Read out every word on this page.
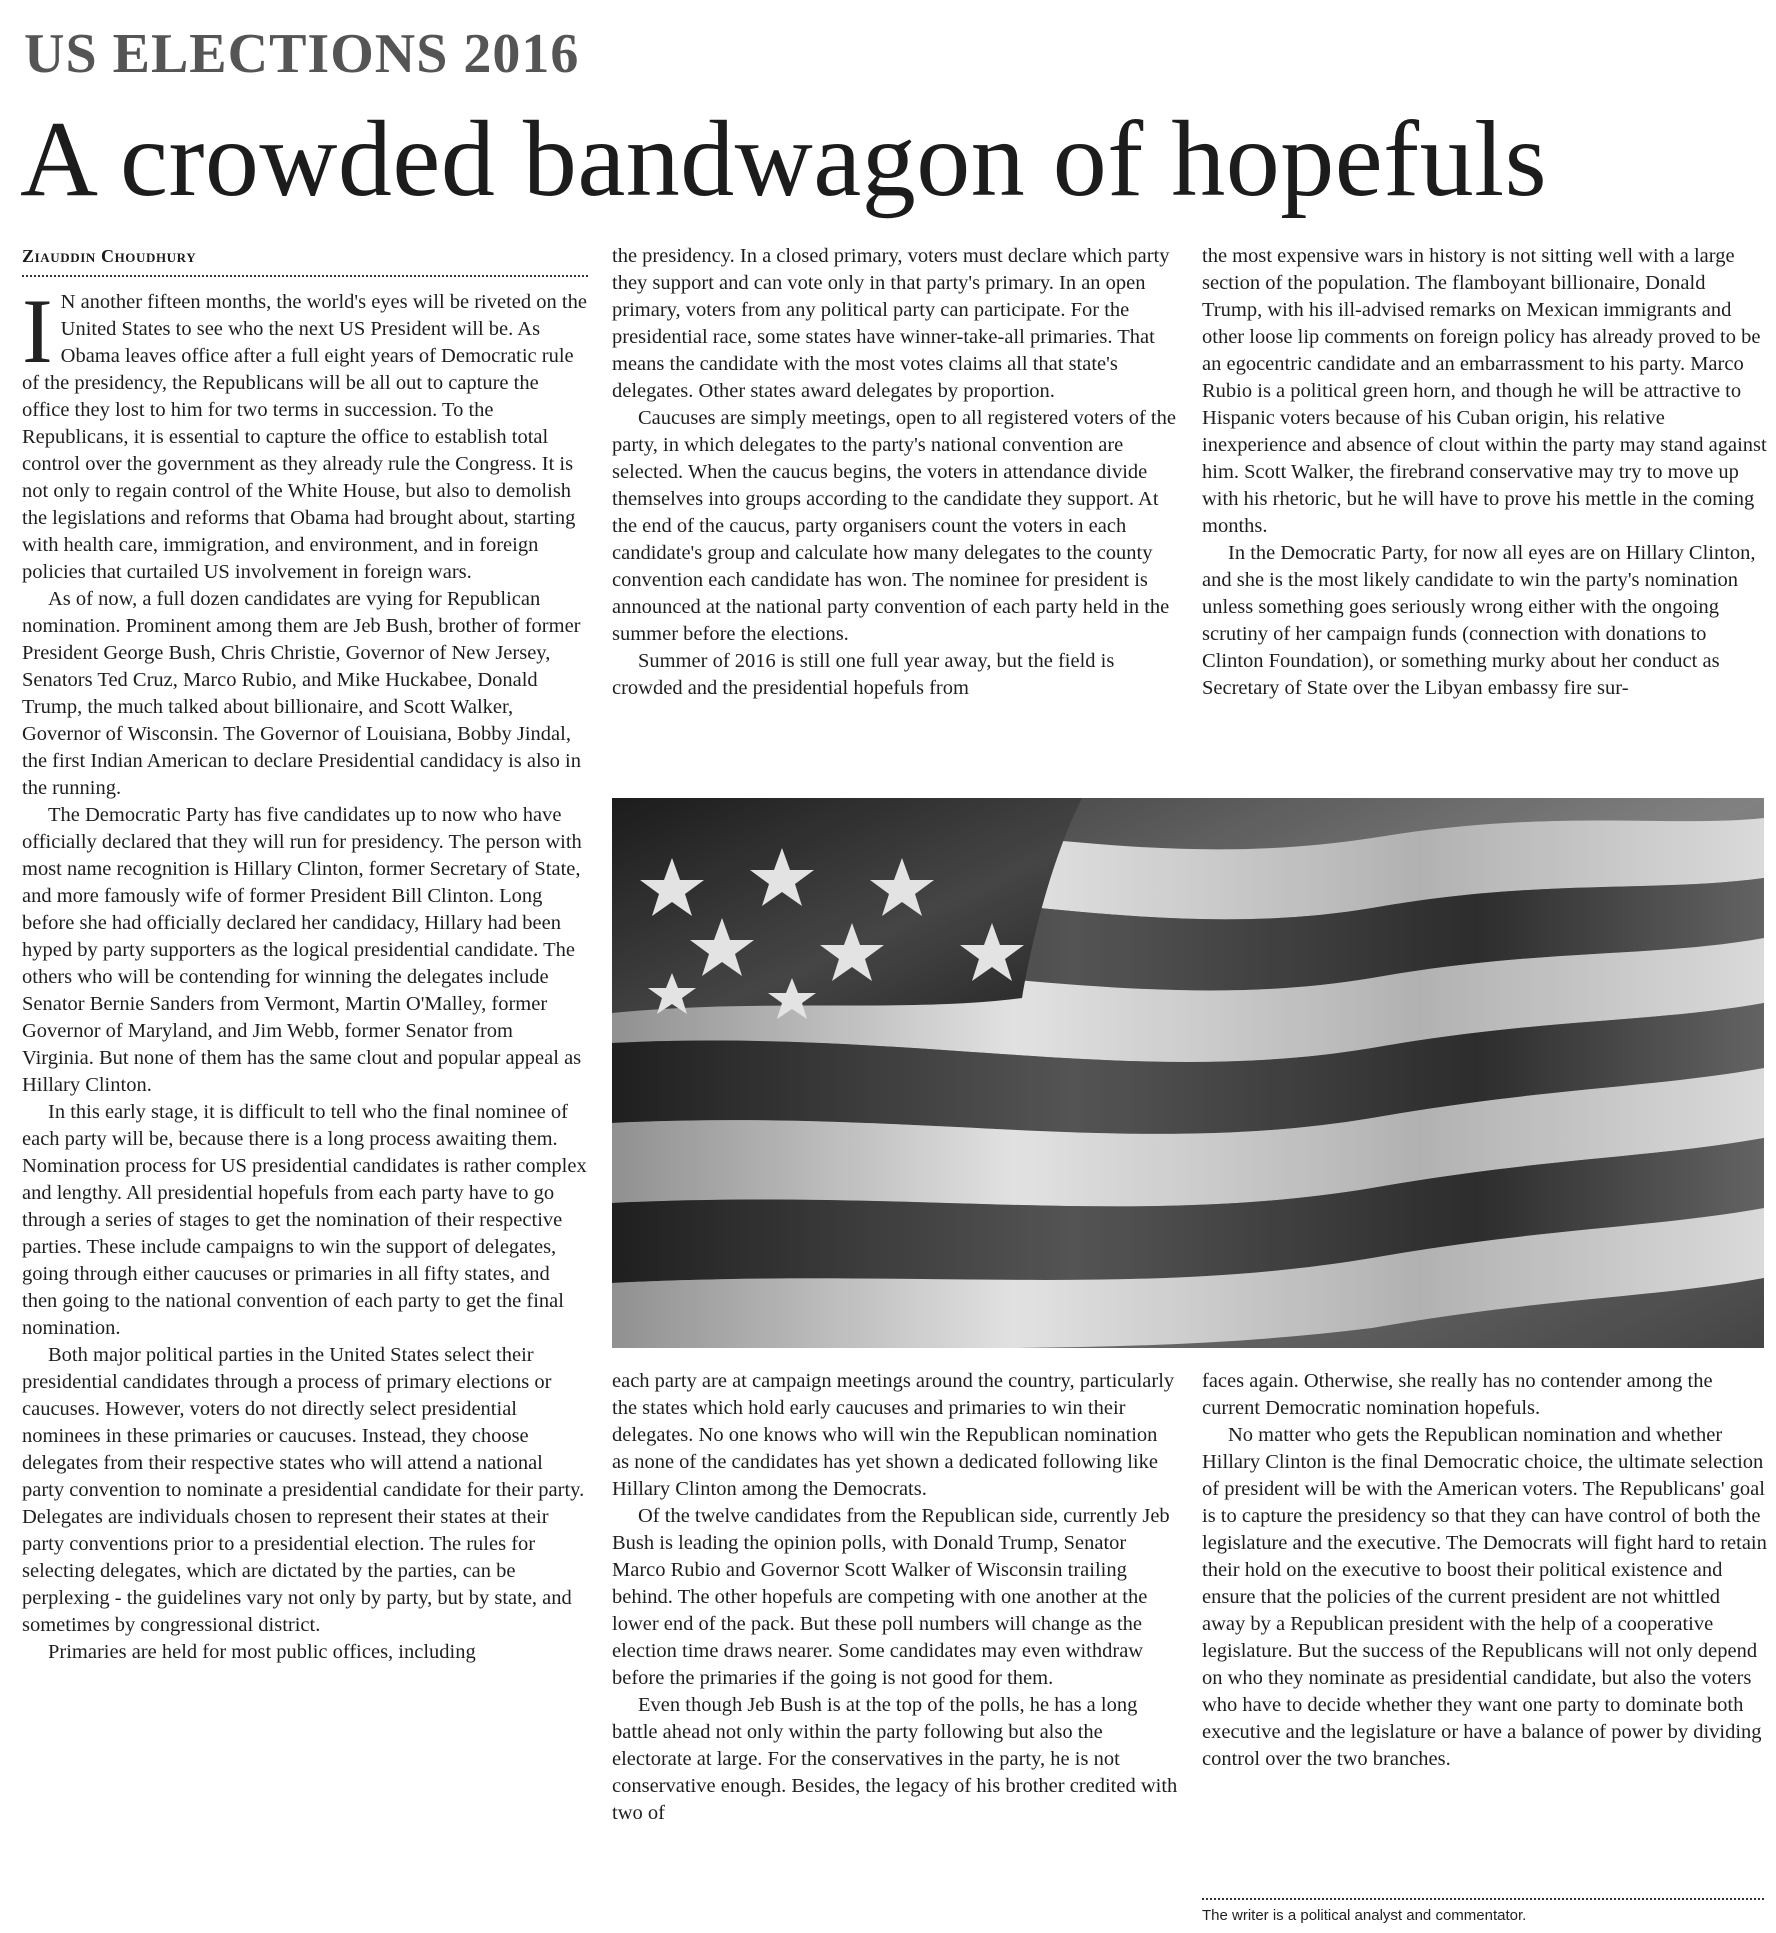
US ELECTIONS 2016
A crowded bandwagon of hopefuls
Ziauddin Choudhury

I N another fifteen months, the world's eyes will be riveted on the United States to see who the next US President will be. As Obama leaves office after a full eight years of Democratic rule of the presidency, the Republicans will be all out to capture the office they lost to him for two terms in succession. To the Republicans, it is essential to capture the office to establish total control over the government as they already rule the Congress. It is not only to regain control of the White House, but also to demolish the legislations and reforms that Obama had brought about, starting with health care, immigration, and environment, and in foreign policies that curtailed US involvement in foreign wars.

As of now, a full dozen candidates are vying for Republican nomination. Prominent among them are Jeb Bush, brother of former President George Bush, Chris Christie, Governor of New Jersey, Senators Ted Cruz, Marco Rubio, and Mike Huckabee, Donald Trump, the much talked about billionaire, and Scott Walker, Governor of Wisconsin. The Governor of Louisiana, Bobby Jindal, the first Indian American to declare Presidential candidacy is also in the running.

The Democratic Party has five candidates up to now who have officially declared that they will run for presidency. The person with most name recognition is Hillary Clinton, former Secretary of State, and more famously wife of former President Bill Clinton. Long before she had officially declared her candidacy, Hillary had been hyped by party supporters as the logical presidential candidate. The others who will be contending for winning the delegates include Senator Bernie Sanders from Vermont, Martin O'Malley, former Governor of Maryland, and Jim Webb, former Senator from Virginia. But none of them has the same clout and popular appeal as Hillary Clinton.

In this early stage, it is difficult to tell who the final nominee of each party will be, because there is a long process awaiting them. Nomination process for US presidential candidates is rather complex and lengthy. All presidential hopefuls from each party have to go through a series of stages to get the nomination of their respective parties. These include campaigns to win the support of delegates, going through either caucuses or primaries in all fifty states, and then going to the national convention of each party to get the final nomination.

Both major political parties in the United States select their presidential candidates through a process of primary elections or caucuses. However, voters do not directly select presidential nominees in these primaries or caucuses. Instead, they choose delegates from their respective states who will attend a national party convention to nominate a presidential candidate for their party. Delegates are individuals chosen to represent their states at their party conventions prior to a presidential election. The rules for selecting delegates, which are dictated by the parties, can be perplexing - the guidelines vary not only by party, but by state, and sometimes by congressional district.

Primaries are held for most public offices, including

the presidency. In a closed primary, voters must declare which party they support and can vote only in that party's primary. In an open primary, voters from any political party can participate. For the presidential race, some states have winner-take-all primaries. That means the candidate with the most votes claims all that state's delegates. Other states award delegates by proportion.

Caucuses are simply meetings, open to all registered voters of the party, in which delegates to the party's national convention are selected. When the caucus begins, the voters in attendance divide themselves into groups according to the candidate they support. At the end of the caucus, party organisers count the voters in each candidate's group and calculate how many delegates to the county convention each candidate has won. The nominee for president is announced at the national party convention of each party held in the summer before the elections.

Summer of 2016 is still one full year away, but the field is crowded and the presidential hopefuls from

the most expensive wars in history is not sitting well with a large section of the population. The flamboyant billionaire, Donald Trump, with his ill-advised remarks on Mexican immigrants and other loose lip comments on foreign policy has already proved to be an egocentric candidate and an embarrassment to his party. Marco Rubio is a political green horn, and though he will be attractive to Hispanic voters because of his Cuban origin, his relative inexperience and absence of clout within the party may stand against him. Scott Walker, the firebrand conservative may try to move up with his rhetoric, but he will have to prove his mettle in the coming months.

In the Democratic Party, for now all eyes are on Hillary Clinton, and she is the most likely candidate to win the party's nomination unless something goes seriously wrong either with the ongoing scrutiny of her campaign funds (connection with donations to Clinton Foundation), or something murky about her conduct as Secretary of State over the Libyan embassy fire sur-

each party are at campaign meetings around the country, particularly the states which hold early caucuses and primaries to win their delegates. No one knows who will win the Republican nomination as none of the candidates has yet shown a dedicated following like Hillary Clinton among the Democrats.

Of the twelve candidates from the Republican side, currently Jeb Bush is leading the opinion polls, with Donald Trump, Senator Marco Rubio and Governor Scott Walker of Wisconsin trailing behind. The other hopefuls are competing with one another at the lower end of the pack. But these poll numbers will change as the election time draws nearer. Some candidates may even withdraw before the primaries if the going is not good for them.

Even though Jeb Bush is at the top of the polls, he has a long battle ahead not only within the party following but also the electorate at large. For the conservatives in the party, he is not conservative enough. Besides, the legacy of his brother credited with two of

faces again. Otherwise, she really has no contender among the current Democratic nomination hopefuls.

No matter who gets the Republican nomination and whether Hillary Clinton is the final Democratic choice, the ultimate selection of president will be with the American voters. The Republicans' goal is to capture the presidency so that they can have control of both the legislature and the executive. The Democrats will fight hard to retain their hold on the executive to boost their political existence and ensure that the policies of the current president are not whittled away by a Republican president with the help of a cooperative legislature. But the success of the Republicans will not only depend on who they nominate as presidential candidate, but also the voters who have to decide whether they want one party to dominate both executive and the legislature or have a balance of power by dividing control over the two branches.

The writer is a political analyst and commentator.
